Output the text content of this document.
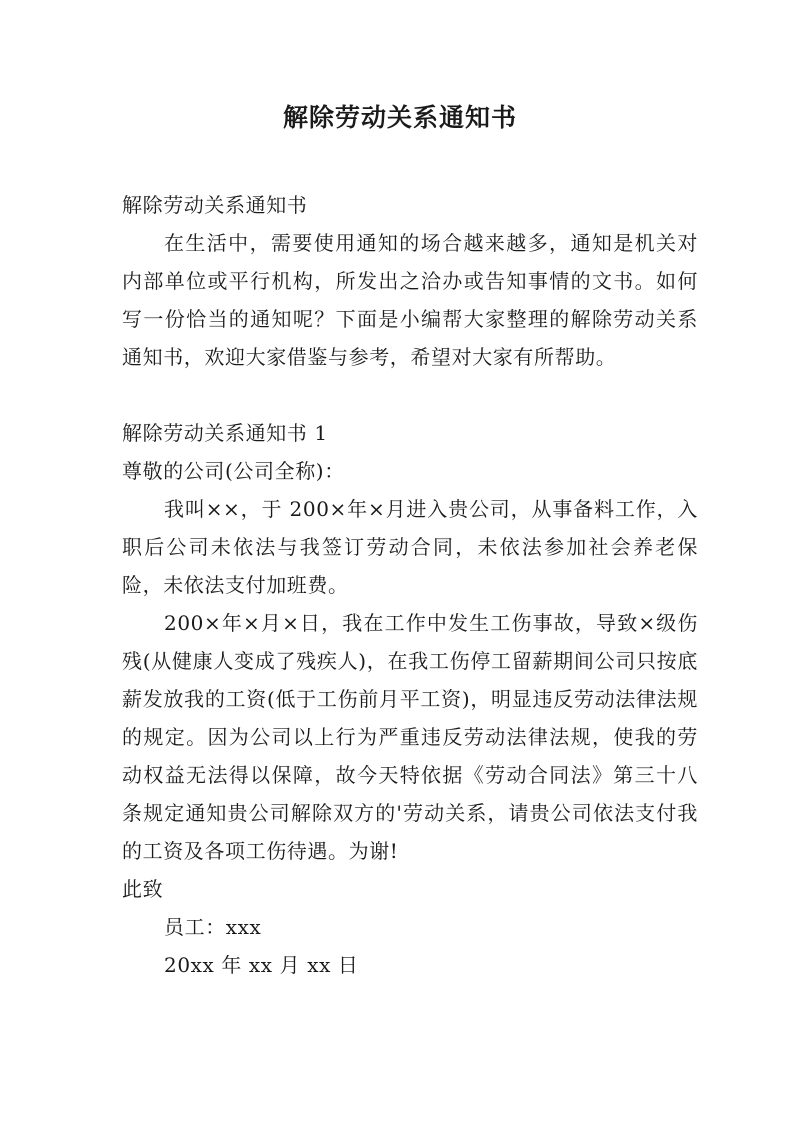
解除劳动关系通知书

解除劳动关系通知书

在生活中，需要使用通知的场合越来越多，通知是机关对内部单位或平行机构，所发出之洽办或告知事情的文书。如何写一份恰当的通知呢？下面是小编帮大家整理的解除劳动关系通知书，欢迎大家借鉴与参考，希望对大家有所帮助。

解除劳动关系通知书 1

尊敬的公司(公司全称)：

我叫××，于 200×年×月进入贵公司，从事备料工作，入职后公司未依法与我签订劳动合同，未依法参加社会养老保险，未依法支付加班费。

200×年×月×日，我在工作中发生工伤事故，导致×级伤残(从健康人变成了残疾人)，在我工伤停工留薪期间公司只按底薪发放我的工资(低于工伤前月平工资)，明显违反劳动法律法规的规定。因为公司以上行为严重违反劳动法律法规，使我的劳动权益无法得以保障，故今天特依据《劳动合同法》第三十八条规定通知贵公司解除双方的'劳动关系，请贵公司依法支付我的工资及各项工伤待遇。为谢!

此致

员工：xxx

20xx 年 xx 月 xx 日
